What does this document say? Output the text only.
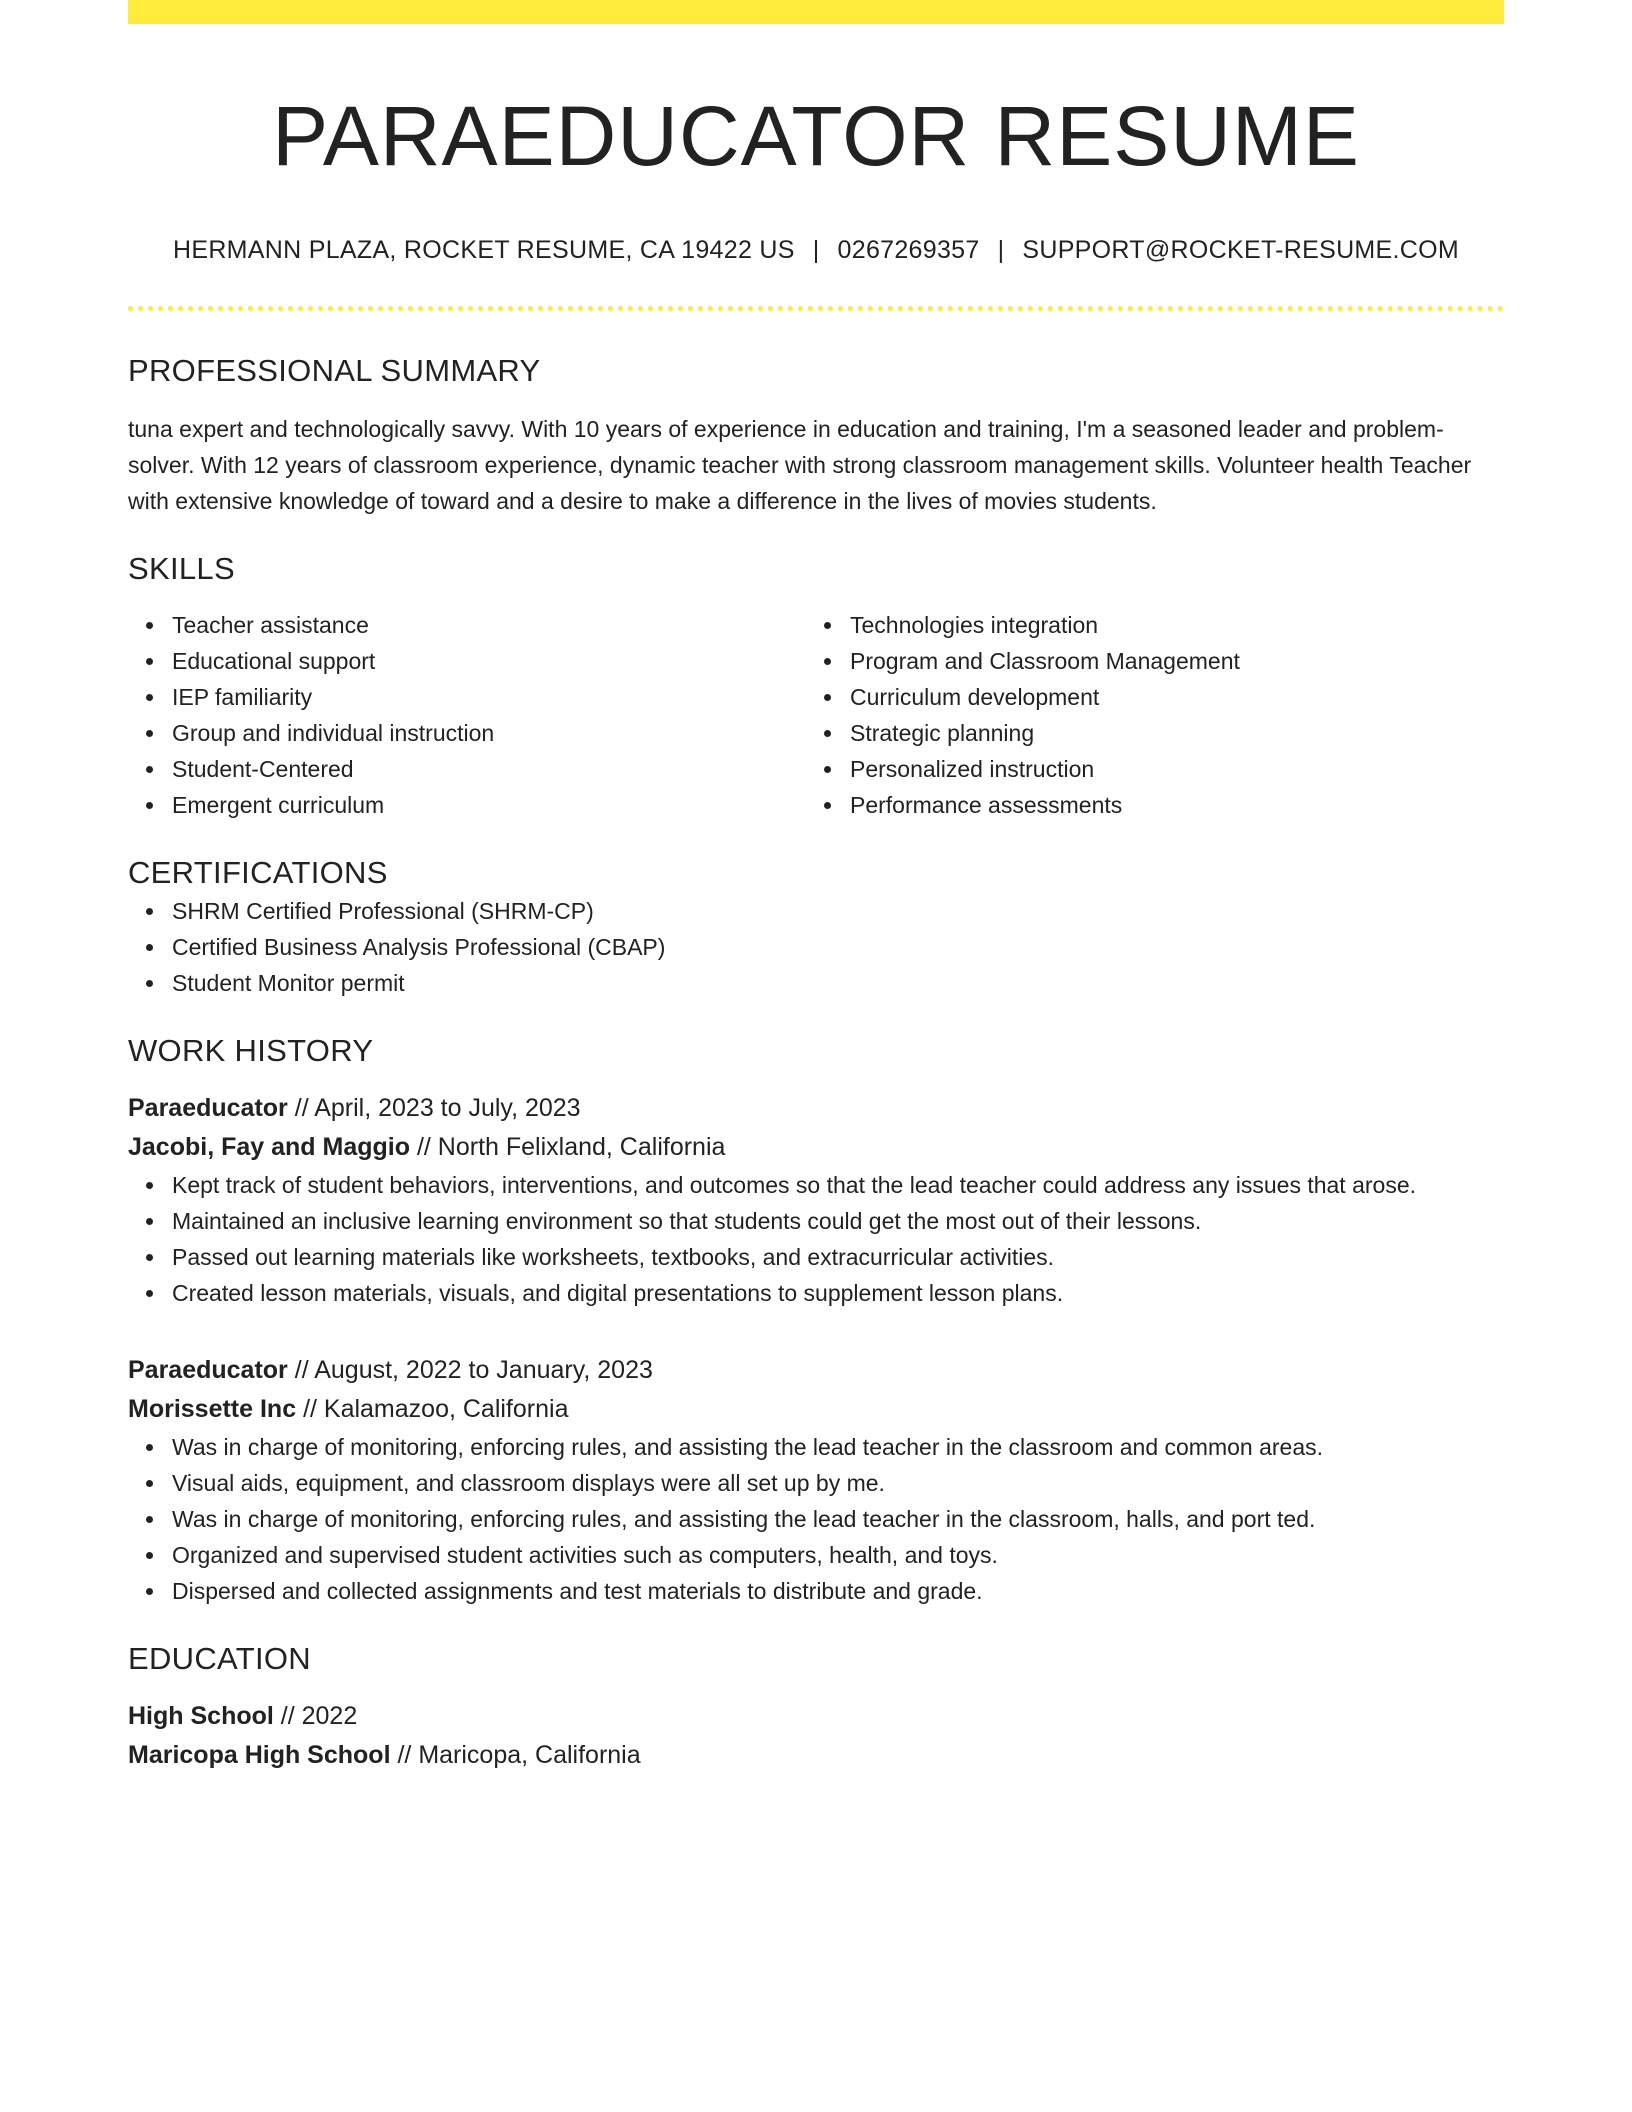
PARAEDUCATOR RESUME
HERMANN PLAZA, ROCKET RESUME, CA 19422 US | 0267269357 | SUPPORT@ROCKET-RESUME.COM
PROFESSIONAL SUMMARY

tuna expert and technologically savvy. With 10 years of experience in education and training, I'm a seasoned leader and problem-solver. With 12 years of classroom experience, dynamic teacher with strong classroom management skills. Volunteer health Teacher with extensive knowledge of toward and a desire to make a difference in the lives of movies students.

SKILLS
Teacher assistance
Educational support
IEP familiarity
Group and individual instruction
Student-Centered
Emergent curriculum
Technologies integration
Program and Classroom Management
Curriculum development
Strategic planning
Personalized instruction
Performance assessments
CERTIFICATIONS
SHRM Certified Professional (SHRM-CP)
Certified Business Analysis Professional (CBAP)
Student Monitor permit
WORK HISTORY
Paraeducator // April, 2023 to July, 2023
Jacobi, Fay and Maggio // North Felixland, California
Kept track of student behaviors, interventions, and outcomes so that the lead teacher could address any issues that arose.
Maintained an inclusive learning environment so that students could get the most out of their lessons.
Passed out learning materials like worksheets, textbooks, and extracurricular activities.
Created lesson materials, visuals, and digital presentations to supplement lesson plans.
Paraeducator // August, 2022 to January, 2023
Morissette Inc // Kalamazoo, California
Was in charge of monitoring, enforcing rules, and assisting the lead teacher in the classroom and common areas.
Visual aids, equipment, and classroom displays were all set up by me.
Was in charge of monitoring, enforcing rules, and assisting the lead teacher in the classroom, halls, and port ted.
Organized and supervised student activities such as computers, health, and toys.
Dispersed and collected assignments and test materials to distribute and grade.
EDUCATION
High School // 2022
Maricopa High School // Maricopa, California
